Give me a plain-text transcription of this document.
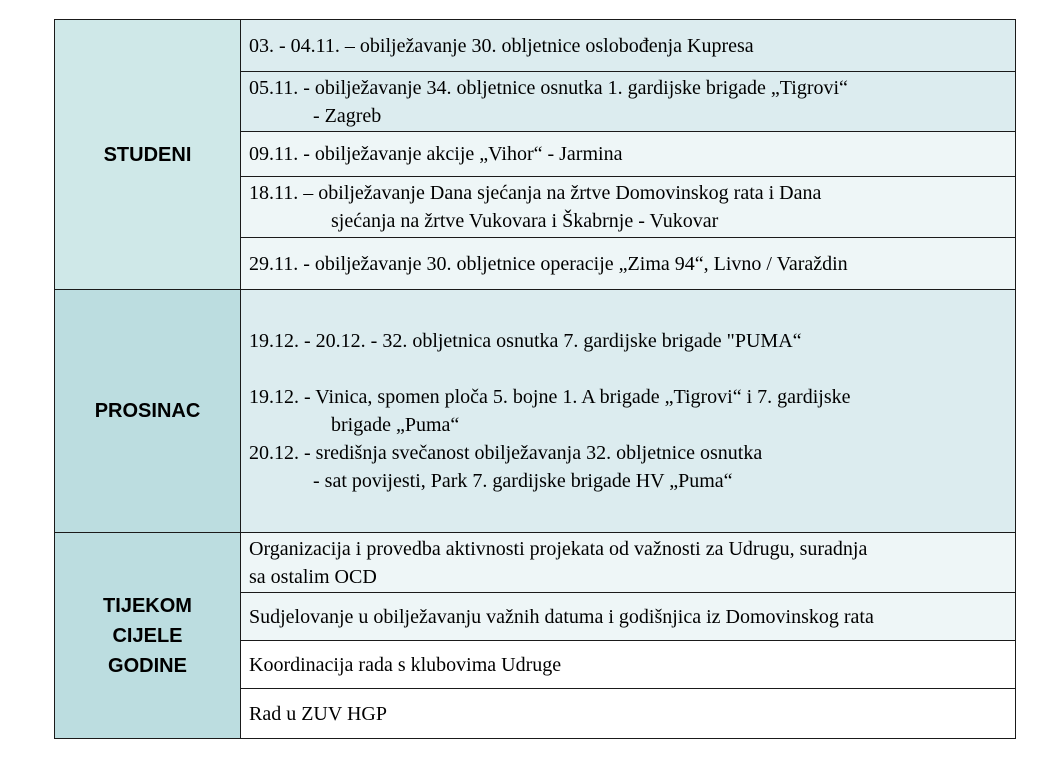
STUDENI	03. - 04.11. – obilježavanje 30. obljetnice oslobođenja Kupresa

	05.11. - obilježavanje 34. obljetnice osnutka 1. gardijske brigade „Tigrovi“
- Zagreb

	09.11. - obilježavanje akcije „Vihor“ - Jarmina

	18.11. – obilježavanje Dana sjećanja na žrtve Domovinskog rata i Dana
sjećanja na žrtve Vukovara i Škabrnje - Vukovar

	29.11. - obilježavanje 30. obljetnice operacije „Zima 94“, Livno / Varaždin

PROSINAC	19.12. - 20.12. - 32. obljetnica osnutka 7. gardijske brigade "PUMA“
19.12. - Vinica, spomen ploča 5. bojne 1. A brigade „Tigrovi“ i 7. gardijske
brigade „Puma“
20.12. - središnja svečanost obilježavanja 32. obljetnice osnutka
- sat povijesti, Park 7. gardijske brigade HV „Puma“

TIJEKOM
CIJELE
GODINE	Organizacija i provedba aktivnosti projekata od važnosti za Udrugu, suradnja
sa ostalim OCD

	Sudjelovanje u obilježavanju važnih datuma i godišnjica iz Domovinskog rata

	Koordinacija rada s klubovima Udruge

	Rad u ZUV HGP
